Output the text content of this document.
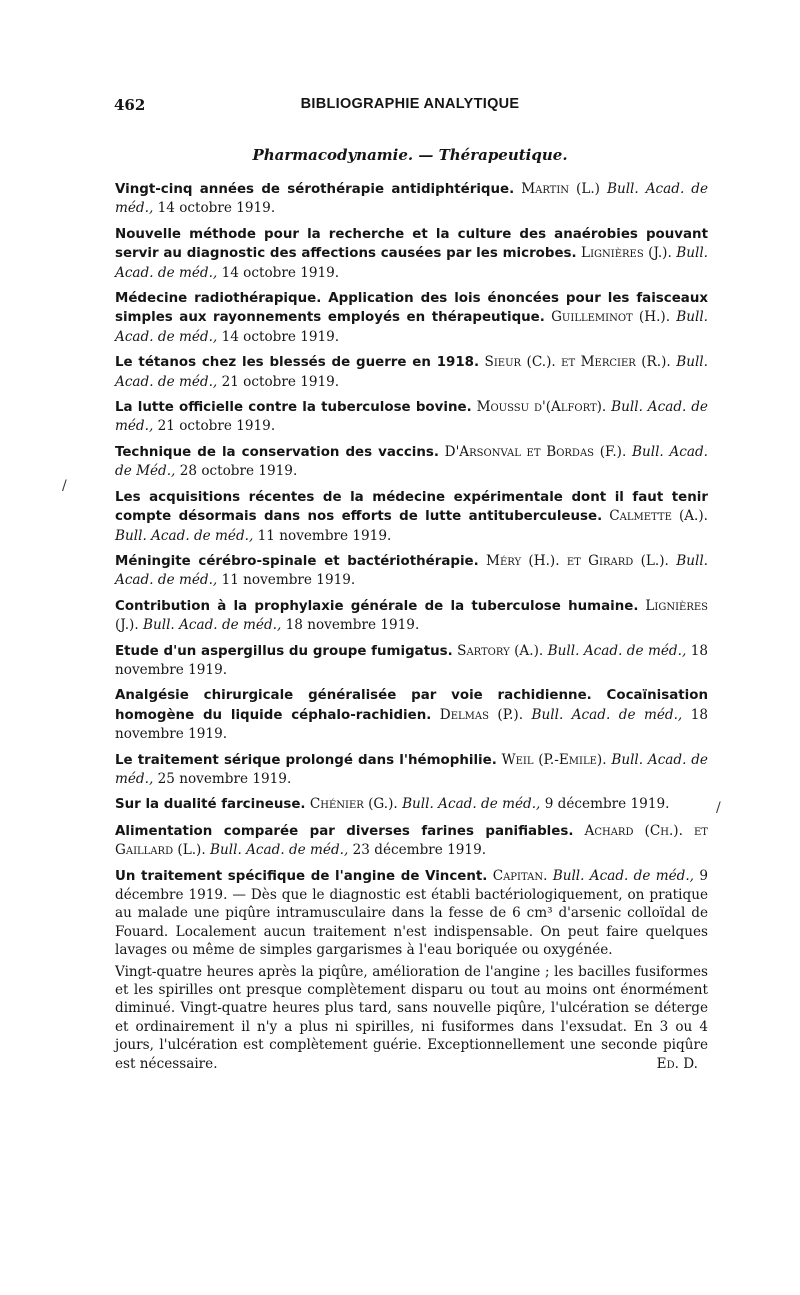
462	BIBLIOGRAPHIE ANALYTIQUE
Pharmacodynamie. — Thérapeutique.
/
/

Vingt-cinq années de sérothérapie antidiphtérique. Martin (L.) Bull. Acad. de méd., 14 octobre 1919.

Nouvelle méthode pour la recherche et la culture des anaérobies pouvant servir au diagnostic des affections causées par les microbes. Lignières (J.). Bull. Acad. de méd., 14 octobre 1919.

Médecine radiothérapique. Application des lois énoncées pour les faisceaux simples aux rayonnements employés en thérapeutique. Guilleminot (H.). Bull. Acad. de méd., 14 octobre 1919.

Le tétanos chez les blessés de guerre en 1918. Sieur (C.). et Mercier (R.). Bull. Acad. de méd., 21 octobre 1919.

La lutte officielle contre la tuberculose bovine. Moussu d'(Alfort). Bull. Acad. de méd., 21 octobre 1919.

Technique de la conservation des vaccins. D'Arsonval et Bordas (F.). Bull. Acad. de Méd., 28 octobre 1919.

Les acquisitions récentes de la médecine expérimentale dont il faut tenir compte désormais dans nos efforts de lutte antituberculeuse. Calmette (A.). Bull. Acad. de méd., 11 novembre 1919.

Méningite cérébro-spinale et bactériothérapie. Méry (H.). et Girard (L.). Bull. Acad. de méd., 11 novembre 1919.

Contribution à la prophylaxie générale de la tuberculose humaine. Lignières (J.). Bull. Acad. de méd., 18 novembre 1919.

Etude d'un aspergillus du groupe fumigatus. Sartory (A.). Bull. Acad. de méd., 18 novembre 1919.

Analgésie chirurgicale généralisée par voie rachidienne. Cocaïnisation homogène du liquide céphalo-rachidien. Delmas (P.). Bull. Acad. de méd., 18 novembre 1919.

Le traitement sérique prolongé dans l'hémophilie. Weil (P.-Emile). Bull. Acad. de méd., 25 novembre 1919.

Sur la dualité farcineuse. Chénier (G.). Bull. Acad. de méd., 9 décembre 1919.

Alimentation comparée par diverses farines panifiables. Achard (Ch.). et Gaillard (L.). Bull. Acad. de méd., 23 décembre 1919.

Un traitement spécifique de l'angine de Vincent. Capitan. Bull. Acad. de méd., 9 décembre 1919. — Dès que le diagnostic est établi bactériologiquement, on pratique au malade une piqûre intramusculaire dans la fesse de 6 cm³ d'arsenic colloïdal de Fouard. Localement aucun traitement n'est indispensable. On peut faire quelques lavages ou même de simples gargarismes à l'eau boriquée ou oxygénée.

Vingt-quatre heures après la piqûre, amélioration de l'angine ; les bacilles fusiformes et les spirilles ont presque complètement disparu ou tout au moins ont énormément diminué. Vingt-quatre heures plus tard, sans nouvelle piqûre, l'ulcération se déterge et ordinairement il n'y a plus ni spirilles, ni fusiformes dans l'exsudat. En 3 ou 4 jours, l'ulcération est complètement guérie. Exceptionnellement une seconde piqûre est nécessaire.	Ed. D.
